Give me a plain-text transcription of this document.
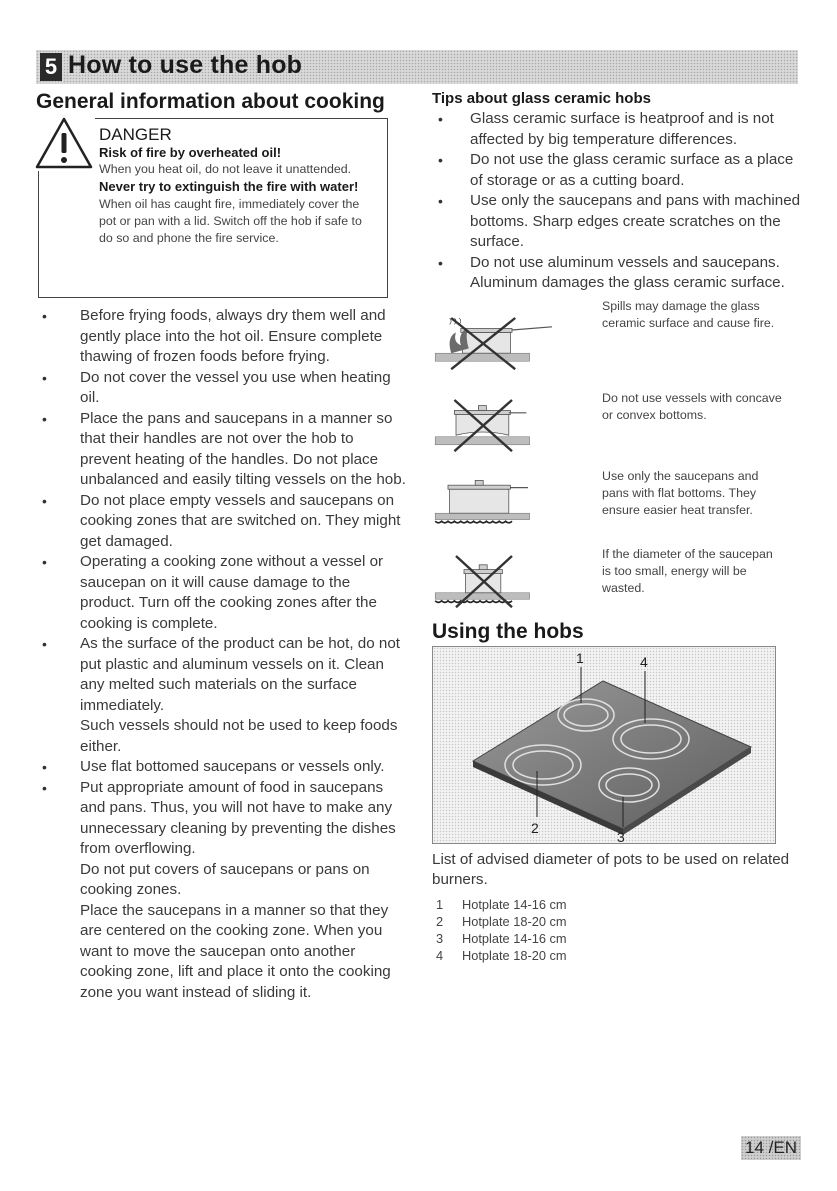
5 How to use the hob
General information about cooking
DANGER
Risk of fire by overheated oil!
When you heat oil, do not leave it unattended.
Never try to extinguish the fire with water! When oil has caught fire, immediately cover the pot or pan with a lid. Switch off the hob if safe to do so and phone the fire service.
• Before frying foods, always dry them well and gently place into the hot oil. Ensure complete thawing of frozen foods before frying.
• Do not cover the vessel you use when heating oil.
• Place the pans and saucepans in a manner so that their handles are not over the hob to prevent heating of the handles. Do not place unbalanced and easily tilting vessels on the hob.
• Do not place empty vessels and saucepans on cooking zones that are switched on. They might get damaged.
• Operating a cooking zone without a vessel or saucepan on it will cause damage to the product. Turn off the cooking zones after the cooking is complete.
• As the surface of the product can be hot, do not put plastic and aluminum vessels on it. Clean any melted such materials on the surface immediately.
Such vessels should not be used to keep foods either.
• Use flat bottomed saucepans or vessels only.
• Put appropriate amount of food in saucepans and pans. Thus, you will not have to make any unnecessary cleaning by preventing the dishes from overflowing.
Do not put covers of saucepans or pans on cooking zones.
Place the saucepans in a manner so that they are centered on the cooking zone. When you want to move the saucepan onto another cooking zone, lift and place it onto the cooking zone you want instead of sliding it.
Tips about glass ceramic hobs
• Glass ceramic surface is heatproof and is not affected by big temperature differences.
• Do not use the glass ceramic surface as a place of storage or as a cutting board.
• Use only the saucepans and pans with machined bottoms. Sharp edges create scratches on the surface.
• Do not use aluminum vessels and saucepans. Aluminum damages the glass ceramic surface.
Spills may damage the glass ceramic surface and cause fire.
Do not use vessels with concave or convex bottoms.
Use only the saucepans and pans with flat bottoms. They ensure easier heat transfer.
If the diameter of the saucepan is too small, energy will be wasted.
Using the hobs
1	4
2
3
List of advised diameter of pots to be used on related burners.
1 Hotplate 14-16 cm
2 Hotplate 18-20 cm
3 Hotplate 14-16 cm
4 Hotplate 18-20 cm
14 /EN
